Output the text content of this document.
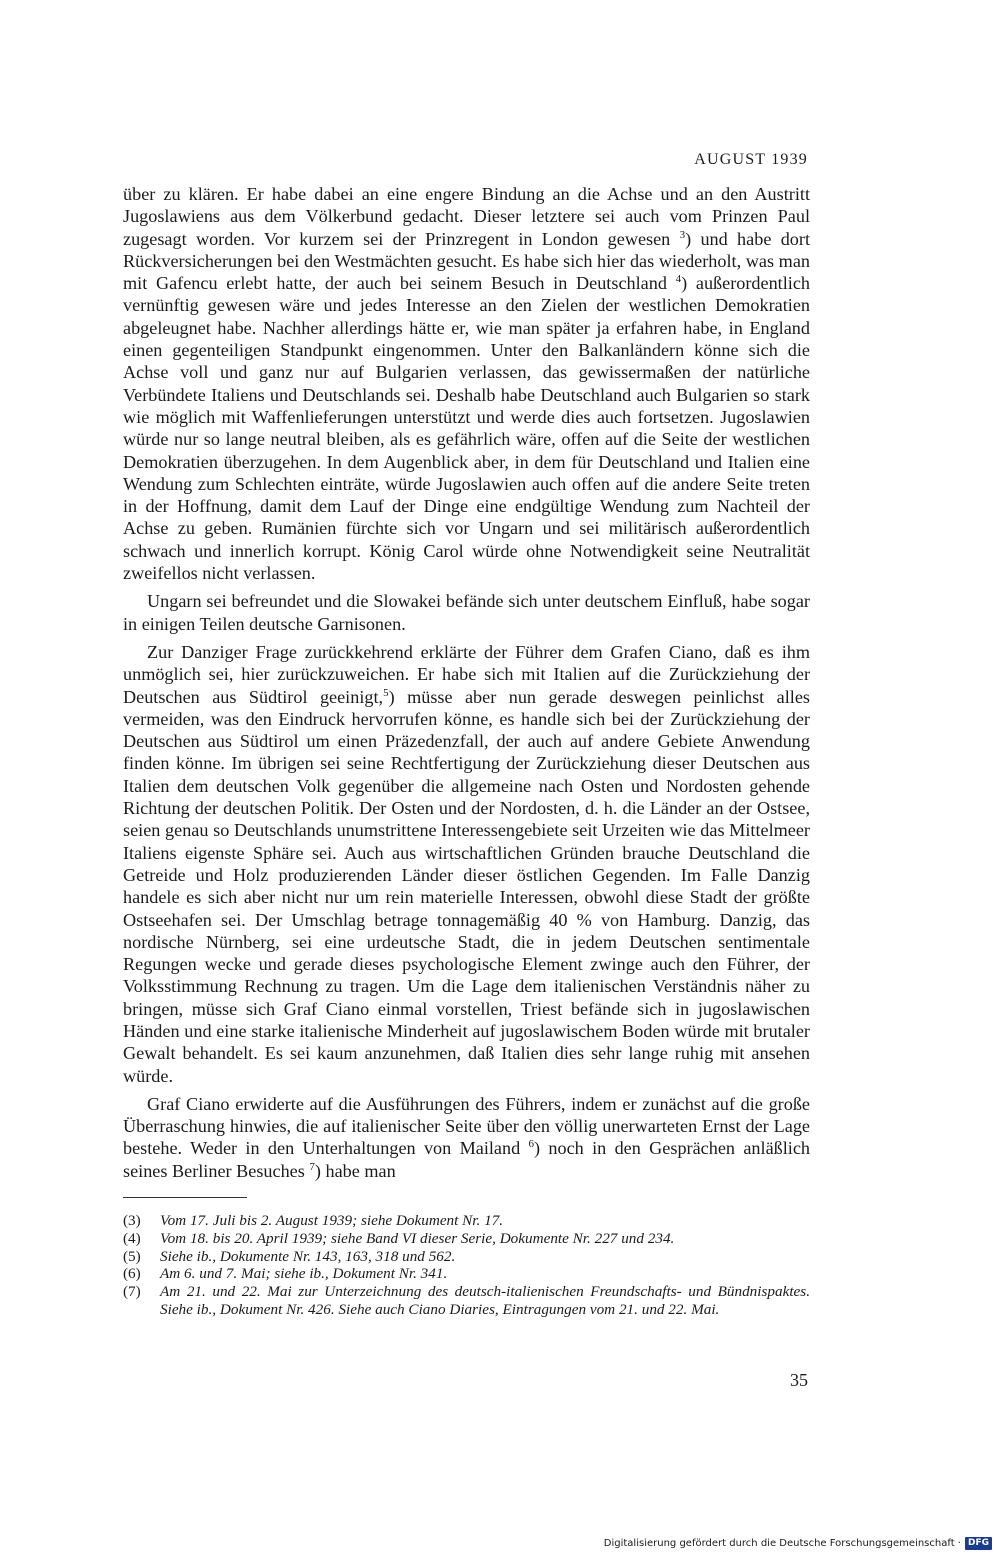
AUGUST 1939

über zu klären. Er habe dabei an eine engere Bindung an die Achse und an den Austritt Jugoslawiens aus dem Völkerbund gedacht. Dieser letztere sei auch vom Prinzen Paul zugesagt worden. Vor kurzem sei der Prinzregent in London gewesen $^3$) und habe dort Rückversicherungen bei den Westmächten gesucht. Es habe sich hier das wiederholt, was man mit Gafencu erlebt hatte, der auch bei seinem Besuch in Deutschland $^4$) außerordentlich vernünftig gewesen wäre und jedes Interesse an den Zielen der westlichen Demokratien abgeleugnet habe. Nachher allerdings hätte er, wie man später ja erfahren habe, in England einen gegenteiligen Standpunkt eingenommen. Unter den Balkanländern könne sich die Achse voll und ganz nur auf Bulgarien verlassen, das gewissermaßen der natürliche Verbündete Italiens und Deutschlands sei. Deshalb habe Deutschland auch Bulgarien so stark wie möglich mit Waffenlieferungen unterstützt und werde dies auch fortsetzen. Jugoslawien würde nur so lange neutral bleiben, als es gefährlich wäre, offen auf die Seite der westlichen Demokratien überzugehen. In dem Augenblick aber, in dem für Deutschland und Italien eine Wendung zum Schlechten einträte, würde Jugoslawien auch offen auf die andere Seite treten in der Hoffnung, damit dem Lauf der Dinge eine endgültige Wendung zum Nachteil der Achse zu geben. Rumänien fürchte sich vor Ungarn und sei militärisch außerordentlich schwach und innerlich korrupt. König Carol würde ohne Notwendigkeit seine Neutralität zweifellos nicht verlassen.

Ungarn sei befreundet und die Slowakei befände sich unter deutschem Einfluß, habe sogar in einigen Teilen deutsche Garnisonen.

Zur Danziger Frage zurückkehrend erklärte der Führer dem Grafen Ciano, daß es ihm unmöglich sei, hier zurückzuweichen. Er habe sich mit Italien auf die Zurückziehung der Deutschen aus Südtirol geeinigt,$^5$) müsse aber nun gerade deswegen peinlichst alles vermeiden, was den Eindruck hervorrufen könne, es handle sich bei der Zurückziehung der Deutschen aus Südtirol um einen Präzedenzfall, der auch auf andere Gebiete Anwendung finden könne. Im übrigen sei seine Rechtfertigung der Zurückziehung dieser Deutschen aus Italien dem deutschen Volk gegenüber die allgemeine nach Osten und Nordosten gehende Richtung der deutschen Politik. Der Osten und der Nordosten, d. h. die Länder an der Ostsee, seien genau so Deutschlands unumstrittene Interessengebiete seit Urzeiten wie das Mittelmeer Italiens eigenste Sphäre sei. Auch aus wirtschaftlichen Gründen brauche Deutschland die Getreide und Holz produzierenden Länder dieser östlichen Gegenden. Im Falle Danzig handele es sich aber nicht nur um rein materielle Interessen, obwohl diese Stadt der größte Ostseehafen sei. Der Umschlag betrage tonnagemäßig 40 % von Hamburg. Danzig, das nordische Nürnberg, sei eine urdeutsche Stadt, die in jedem Deutschen sentimentale Regungen wecke und gerade dieses psychologische Element zwinge auch den Führer, der Volksstimmung Rechnung zu tragen. Um die Lage dem italienischen Verständnis näher zu bringen, müsse sich Graf Ciano einmal vorstellen, Triest befände sich in jugoslawischen Händen und eine starke italienische Minderheit auf jugoslawischem Boden würde mit brutaler Gewalt behandelt. Es sei kaum anzunehmen, daß Italien dies sehr lange ruhig mit ansehen würde.

Graf Ciano erwiderte auf die Ausführungen des Führers, indem er zunächst auf die große Überraschung hinwies, die auf italienischer Seite über den völlig unerwarteten Ernst der Lage bestehe. Weder in den Unterhaltungen von Mailand $^6$) noch in den Gesprächen anläßlich seines Berliner Besuches $^7$) habe man

(3)	Vom 17. Juli bis 2. August 1939; siehe Dokument Nr. 17.
(4)	Vom 18. bis 20. April 1939; siehe Band VI dieser Serie, Dokumente Nr. 227 und 234.
(5)	Siehe ib., Dokumente Nr. 143, 163, 318 und 562.
(6)	Am 6. und 7. Mai; siehe ib., Dokument Nr. 341.
(7)	Am 21. und 22. Mai zur Unterzeichnung des deutsch-italienischen Freundschafts- und Bündnispaktes. Siehe ib., Dokument Nr. 426. Siehe auch Ciano Diaries, Eintragungen vom 21. und 22. Mai.
35
Digitalisierung gefördert durch die Deutsche Forschungsgemeinschaft · DFG
